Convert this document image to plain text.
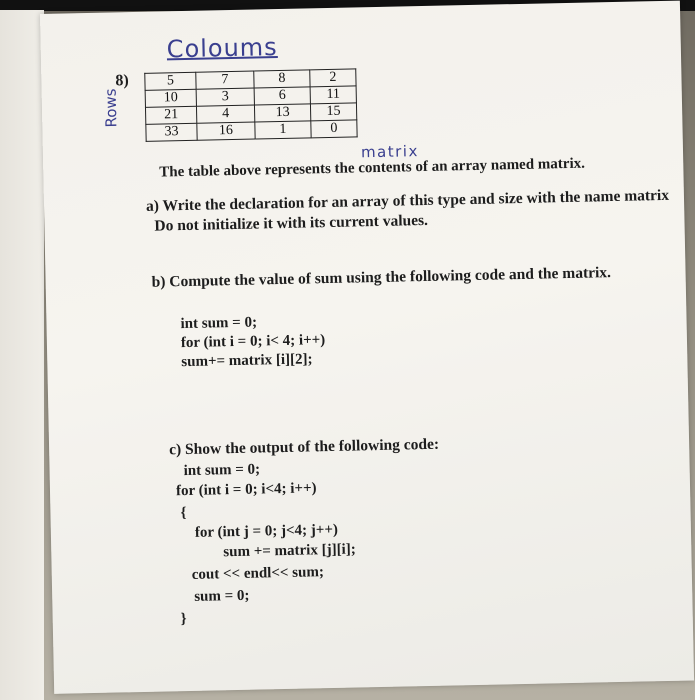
Coloums
8)
Rows
5	7	8	2
10	3	6	11
21	4	13	15
33	16	1	0
matrix
The table above represents the contents of an array named matrix.
a) Write the declaration for an array of this type and size with the name matrix
Do not initialize it with its current values.
b) Compute the value of sum using the following code and the matrix.
int sum = 0;
for (int i = 0; i< 4; i++)
sum+= matrix [i][2];
c) Show the output of the following code:
int sum = 0;
for (int i = 0; i<4; i++)
{
for (int j = 0; j<4; j++)
sum += matrix [j][i];
cout << endl<< sum;
sum = 0;
}
